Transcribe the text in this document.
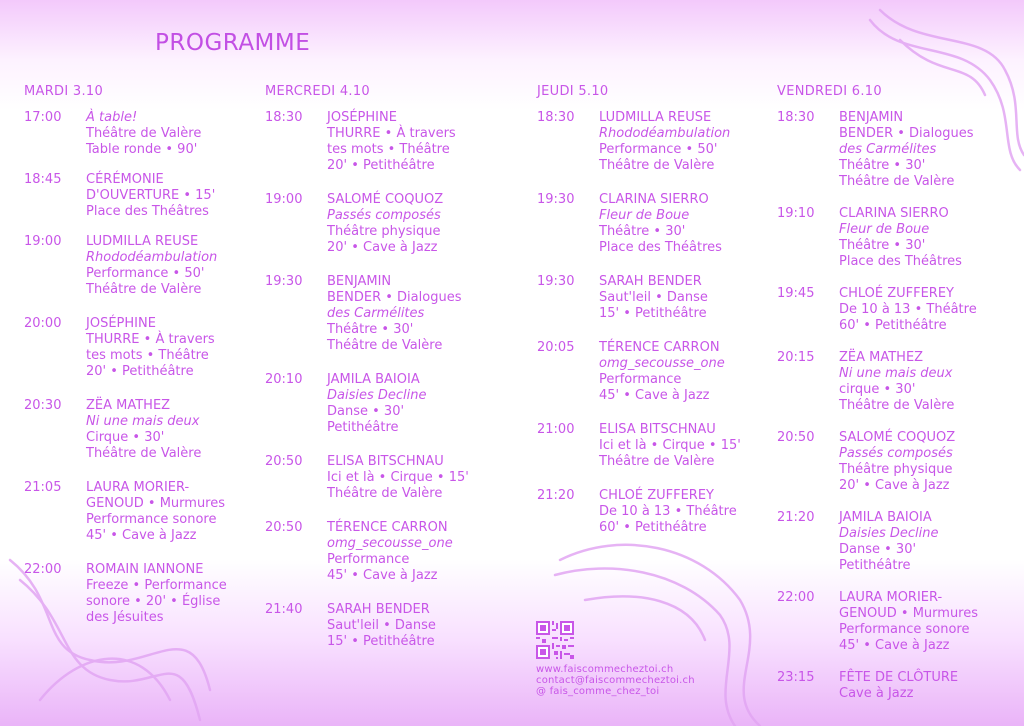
PROGRAMME
MARDI 3.10	MERCREDI 4.10	JEUDI 5.10	VENDREDI 6.10
17:00	À table!
Théâtre de Valère
Table ronde • 90'
18:45	CÉRÉMONIE
D'OUVERTURE • 15'
Place des Théâtres
19:00	LUDMILLA REUSE
Rhododéambulation
Performance • 50'
Théâtre de Valère
20:00	JOSÉPHINE
THURRE • À travers
tes mots • Théâtre
20' • Petithéâtre
20:30	ZËA MATHEZ
Ni une mais deux
Cirque • 30'
Théâtre de Valère
21:05	LAURA MORIER-
GENOUD • Murmures
Performance sonore
45' • Cave à Jazz
22:00	ROMAIN IANNONE
Freeze • Performance
sonore • 20' • Église
des Jésuites
18:30	JOSÉPHINE
THURRE • À travers
tes mots • Théâtre
20' • Petithéâtre
19:00	SALOMÉ COQUOZ
Passés composés
Théâtre physique
20' • Cave à Jazz
19:30	BENJAMIN
BENDER • Dialogues
des Carmélites
Théâtre • 30'
Théâtre de Valère
20:10	JAMILA BAIOIA
Daisies Decline
Danse • 30'
Petithéâtre
20:50	ELISA BITSCHNAU
Ici et là • Cirque • 15'
Théâtre de Valère
20:50	TÉRENCE CARRON
omg_secousse_one
Performance
45' • Cave à Jazz
21:40	SARAH BENDER
Saut'leil • Danse
15' • Petithéâtre
18:30	LUDMILLA REUSE
Rhododéambulation
Performance • 50'
Théâtre de Valère
19:30	CLARINA SIERRO
Fleur de Boue
Théâtre • 30'
Place des Théâtres
19:30	SARAH BENDER
Saut'leil • Danse
15' • Petithéâtre
20:05	TÉRENCE CARRON
omg_secousse_one
Performance
45' • Cave à Jazz
21:00	ELISA BITSCHNAU
Ici et là • Cirque • 15'
Théâtre de Valère
21:20	CHLOÉ ZUFFEREY
De 10 à 13 • Théâtre
60' • Petithéâtre
18:30	BENJAMIN
BENDER • Dialogues
des Carmélites
Théâtre • 30'
Théâtre de Valère
19:10	CLARINA SIERRO
Fleur de Boue
Théâtre • 30'
Place des Théâtres
19:45	CHLOÉ ZUFFEREY
De 10 à 13 • Théâtre
60' • Petithéâtre
20:15	ZËA MATHEZ
Ni une mais deux
cirque • 30'
Théâtre de Valère
20:50	SALOMÉ COQUOZ
Passés composés
Théâtre physique
20' • Cave à Jazz
21:20	JAMILA BAIOIA
Daisies Decline
Danse • 30'
Petithéâtre
22:00	LAURA MORIER-
GENOUD • Murmures
Performance sonore
45' • Cave à Jazz
23:15	FÊTE DE CLÔTURE
Cave à Jazz
www.faiscommecheztoi.ch
contact@faiscommecheztoi.ch
@ fais_comme_chez_toi
